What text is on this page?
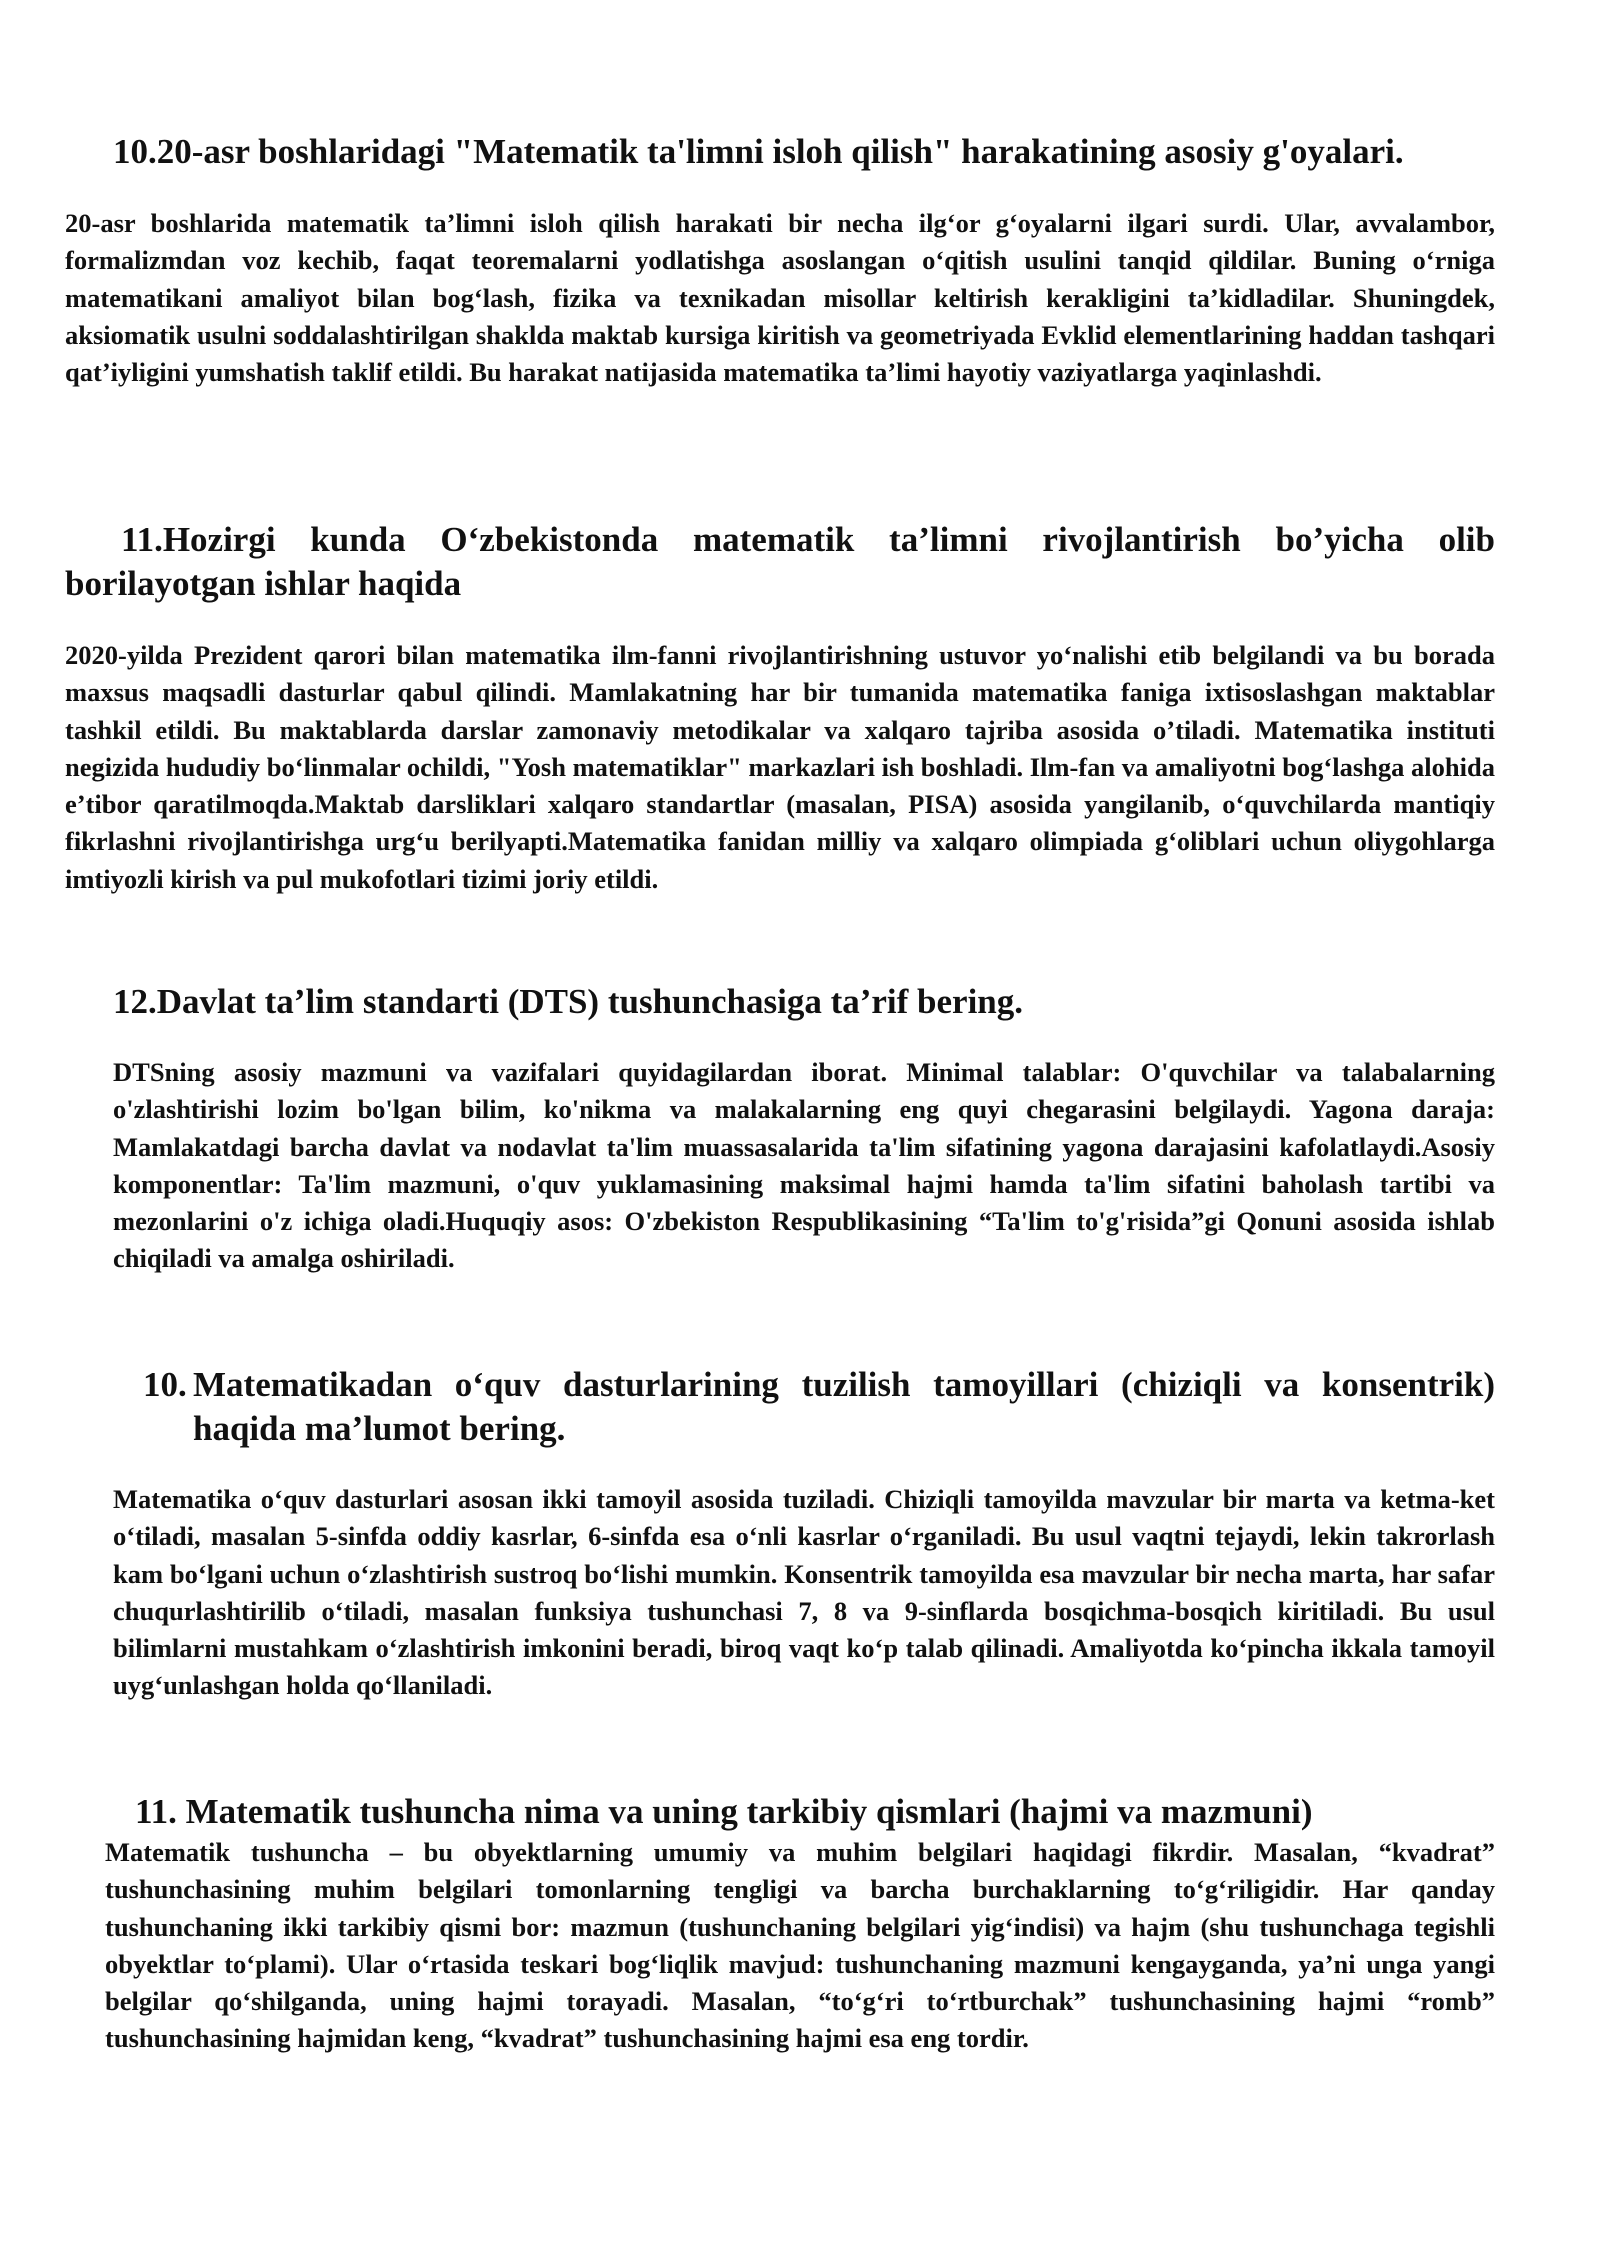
10.20-asr boshlaridagi "Matematik ta'limni isloh qilish" harakatining asosiy g'oyalari.

20-asr boshlarida matematik ta’limni isloh qilish harakati bir necha ilg‘or g‘oyalarni ilgari surdi. Ular, avvalambor, formalizmdan voz kechib, faqat teoremalarni yodlatishga asoslangan o‘qitish usulini tanqid qildilar. Buning o‘rniga matematikani amaliyot bilan bog‘lash, fizika va texnikadan misollar keltirish kerakligini ta’kidladilar. Shuningdek, aksiomatik usulni soddalashtirilgan shaklda maktab kursiga kiritish va geometriyada Evklid elementlarining haddan tashqari qat’iyligini yumshatish taklif etildi. Bu harakat natijasida matematika ta’limi hayotiy vaziyatlarga yaqinlashdi.

11.Hozirgi kunda O‘zbekistonda matematik ta’limni rivojlantirish bo’yicha olib borilayotgan ishlar haqida

2020-yilda Prezident qarori bilan matematika ilm-fanni rivojlantirishning ustuvor yo‘nalishi etib belgilandi va bu borada maxsus maqsadli dasturlar qabul qilindi. Mamlakatning har bir tumanida matematika faniga ixtisoslashgan maktablar tashkil etildi. Bu maktablarda darslar zamonaviy metodikalar va xalqaro tajriba asosida o’tiladi. Matematika instituti negizida hududiy bo‘linmalar ochildi, "Yosh matematiklar" markazlari ish boshladi. Ilm-fan va amaliyotni bog‘lashga alohida e’tibor qaratilmoqda.Maktab darsliklari xalqaro standartlar (masalan, PISA) asosida yangilanib, o‘quvchilarda mantiqiy fikrlashni rivojlantirishga urg‘u berilyapti.Matematika fanidan milliy va xalqaro olimpiada g‘oliblari uchun oliygohlarga imtiyozli kirish va pul mukofotlari tizimi joriy etildi.

12.Davlat ta’lim standarti (DTS) tushunchasiga ta’rif bering.

DTSning asosiy mazmuni va vazifalari quyidagilardan iborat. Minimal talablar: O'quvchilar va talabalarning o'zlashtirishi lozim bo'lgan bilim, ko'nikma va malakalarning eng quyi chegarasini belgilaydi. Yagona daraja: Mamlakatdagi barcha davlat va nodavlat ta'lim muassasalarida ta'lim sifatining yagona darajasini kafolatlaydi.Asosiy komponentlar: Ta'lim mazmuni, o'quv yuklamasining maksimal hajmi hamda ta'lim sifatini baholash tartibi va mezonlarini o'z ichiga oladi.Huquqiy asos: O'zbekiston Respublikasining “Ta'lim to'g'risida”gi Qonuni asosida ishlab chiqiladi va amalga oshiriladi.

10. Matematikadan o‘quv dasturlarining tuzilish tamoyillari (chiziqli va konsentrik) haqida ma’lumot bering.

Matematika o‘quv dasturlari asosan ikki tamoyil asosida tuziladi. Chiziqli tamoyilda mavzular bir marta va ketma-ket o‘tiladi, masalan 5-sinfda oddiy kasrlar, 6-sinfda esa o‘nli kasrlar o‘rganiladi. Bu usul vaqtni tejaydi, lekin takrorlash kam bo‘lgani uchun o‘zlashtirish sustroq bo‘lishi mumkin. Konsentrik tamoyilda esa mavzular bir necha marta, har safar chuqurlashtirilib o‘tiladi, masalan funksiya tushunchasi 7, 8 va 9-sinflarda bosqichma-bosqich kiritiladi. Bu usul bilimlarni mustahkam o‘zlashtirish imkonini beradi, biroq vaqt ko‘p talab qilinadi. Amaliyotda ko‘pincha ikkala tamoyil uyg‘unlashgan holda qo‘llaniladi.

11. Matematik tushuncha nima va uning tarkibiy qismlari (hajmi va mazmuni)

Matematik tushuncha – bu obyektlarning umumiy va muhim belgilari haqidagi fikrdir. Masalan, “kvadrat” tushunchasining muhim belgilari tomonlarning tengligi va barcha burchaklarning to‘g‘riligidir. Har qanday tushunchaning ikki tarkibiy qismi bor: mazmun (tushunchaning belgilari yig‘indisi) va hajm (shu tushunchaga tegishli obyektlar to‘plami). Ular o‘rtasida teskari bog‘liqlik mavjud: tushunchaning mazmuni kengayganda, ya’ni unga yangi belgilar qo‘shilganda, uning hajmi torayadi. Masalan, “to‘g‘ri to‘rtburchak” tushunchasining hajmi “romb” tushunchasining hajmidan keng, “kvadrat” tushunchasining hajmi esa eng tordir.
